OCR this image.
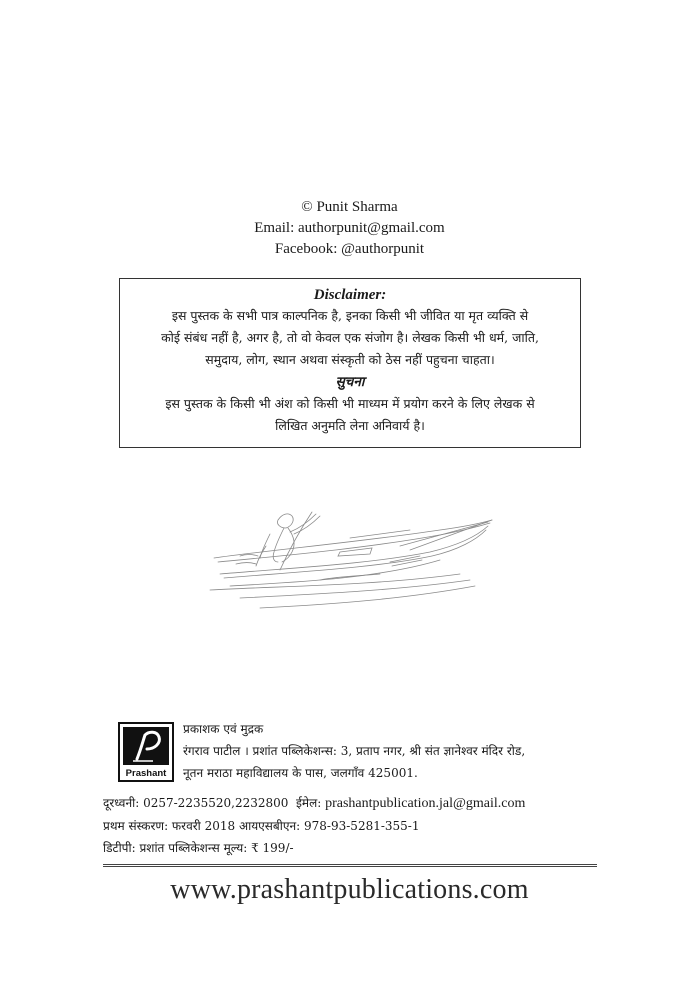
© Punit Sharma
Email: authorpunit@gmail.com
Facebook: @authorpunit
Disclaimer:
इस पुस्तक के सभी पात्र काल्पनिक है, इनका किसी भी जीवित या मृत व्यक्ति से
कोई संबंध नहीं है, अगर है, तो वो केवल एक संजोग है। लेखक किसी भी धर्म, जाति,
समुदाय, लोग, स्थान अथवा संस्कृती को ठेस नहीं पहुचना चाहता।
सुचना
इस पुस्तक के किसी भी अंश को किसी भी माध्यम में प्रयोग करने के लिए लेखक से
लिखित अनुमति लेना अनिवार्य है।
Prashant
प्रकाशक एवं मुद्रक
रंगराव पाटील । प्रशांत पब्लिकेशन्स: 3, प्रताप नगर, श्री संत ज्ञानेश्वर मंदिर रोड,
नूतन मराठा महाविद्यालय के पास, जलगाँव 425001.
दूरध्वनी: 0257-2235520,2232800 ईमेल: prashantpublication.jal@gmail.com
प्रथम संस्करण: फरवरी 2018 आयएसबीएन: 978-93-5281-355-1
डिटीपी: प्रशांत पब्लिकेशन्स मूल्य: ₹ 199/-
www.prashantpublications.com
